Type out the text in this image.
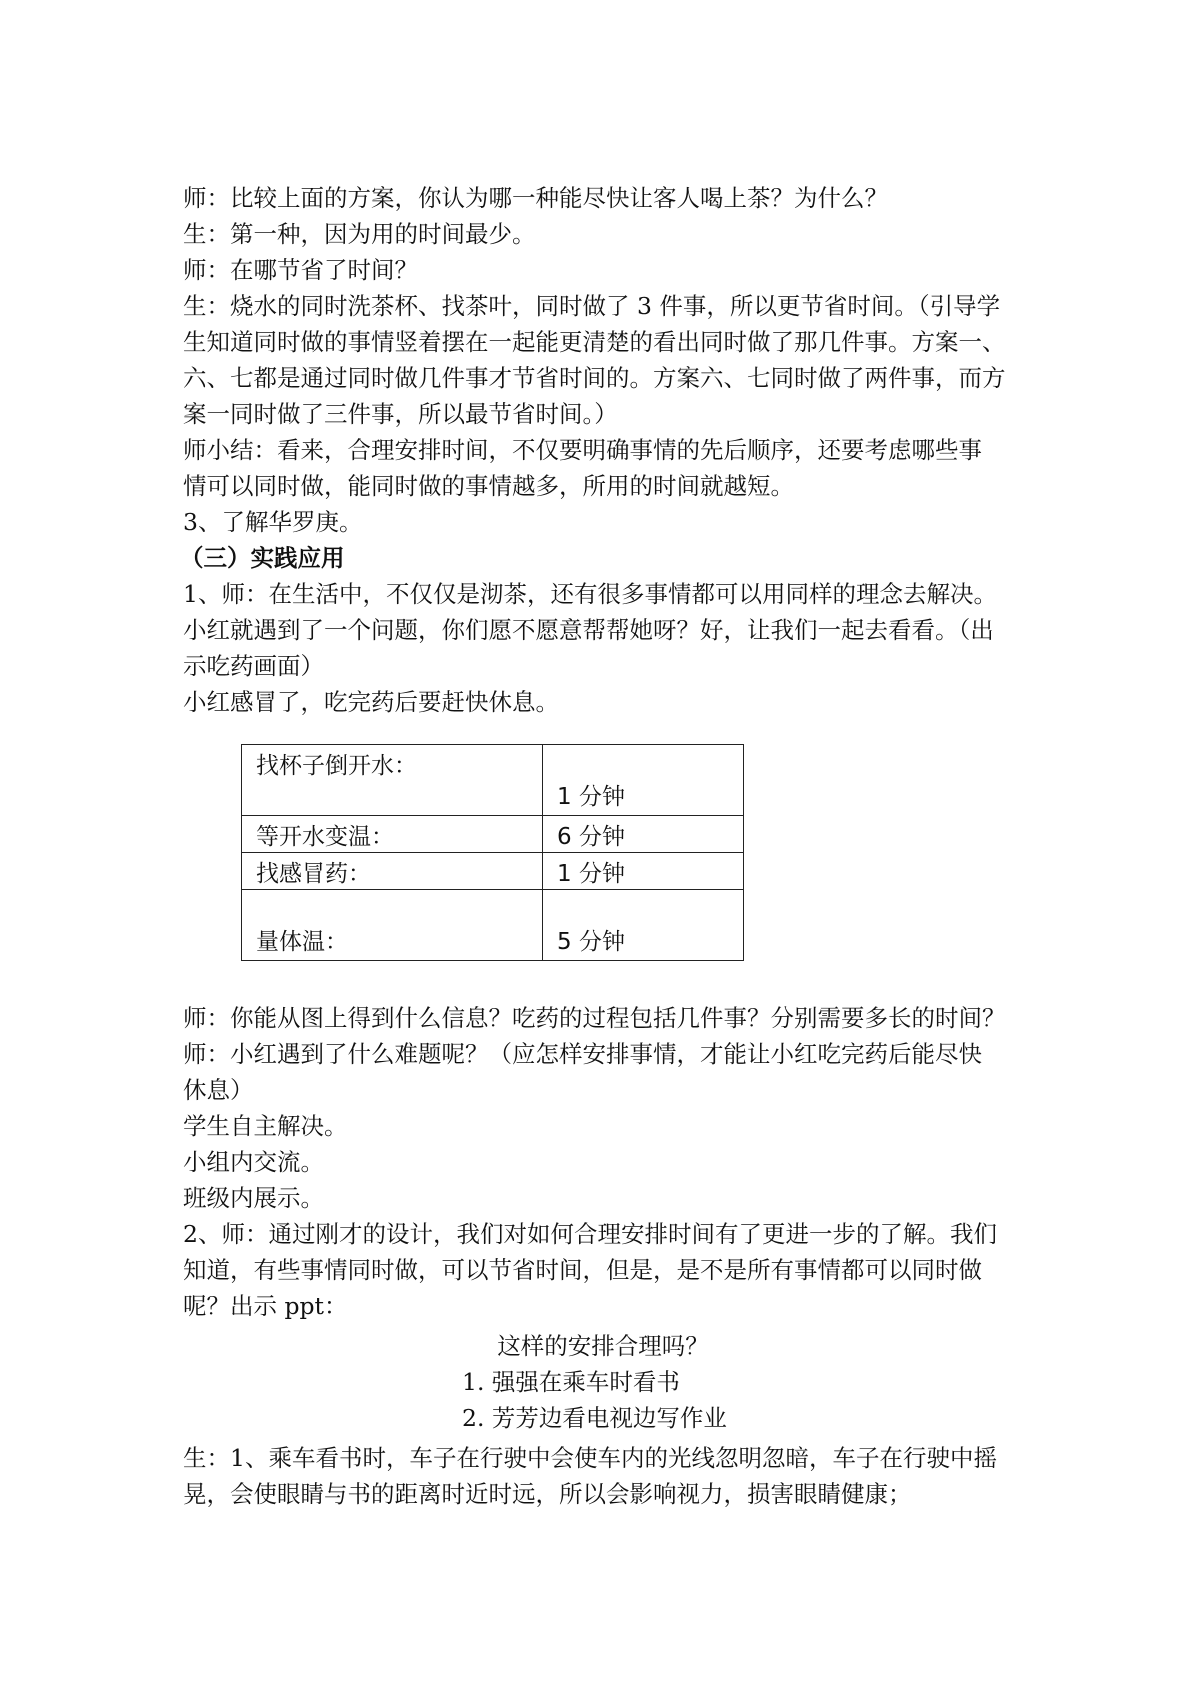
师：比较上面的方案，你认为哪一种能尽快让客人喝上茶？为什么？
生：第一种，因为用的时间最少。
师：在哪节省了时间？
生：烧水的同时洗茶杯、找茶叶，同时做了 3 件事，所以更节省时间。（引导学
生知道同时做的事情竖着摆在一起能更清楚的看出同时做了那几件事。方案一、
六、七都是通过同时做几件事才节省时间的。方案六、七同时做了两件事，而方
案一同时做了三件事，所以最节省时间。）
师小结：看来，合理安排时间，不仅要明确事情的先后顺序，还要考虑哪些事
情可以同时做，能同时做的事情越多，所用的时间就越短。
3、了解华罗庚。
（三）实践应用
1、师：在生活中，不仅仅是沏茶，还有很多事情都可以用同样的理念去解决。
小红就遇到了一个问题，你们愿不愿意帮帮她呀？好，让我们一起去看看。（出
示吃药画面）
小红感冒了，吃完药后要赶快休息。
找杯子倒开水：	1 分钟
等开水变温：	6 分钟
找感冒药：	1 分钟
量体温：	5 分钟
师：你能从图上得到什么信息？吃药的过程包括几件事？分别需要多长的时间？
师：小红遇到了什么难题呢？（应怎样安排事情，才能让小红吃完药后能尽快
休息）
学生自主解决。
小组内交流。
班级内展示。
2、师：通过刚才的设计，我们对如何合理安排时间有了更进一步的了解。我们
知道，有些事情同时做，可以节省时间，但是，是不是所有事情都可以同时做
呢？出示 ppt：
这样的安排合理吗？
1. 强强在乘车时看书
2. 芳芳边看电视边写作业
生：1、乘车看书时，车子在行驶中会使车内的光线忽明忽暗，车子在行驶中摇
晃，会使眼睛与书的距离时近时远，所以会影响视力，损害眼睛健康；
